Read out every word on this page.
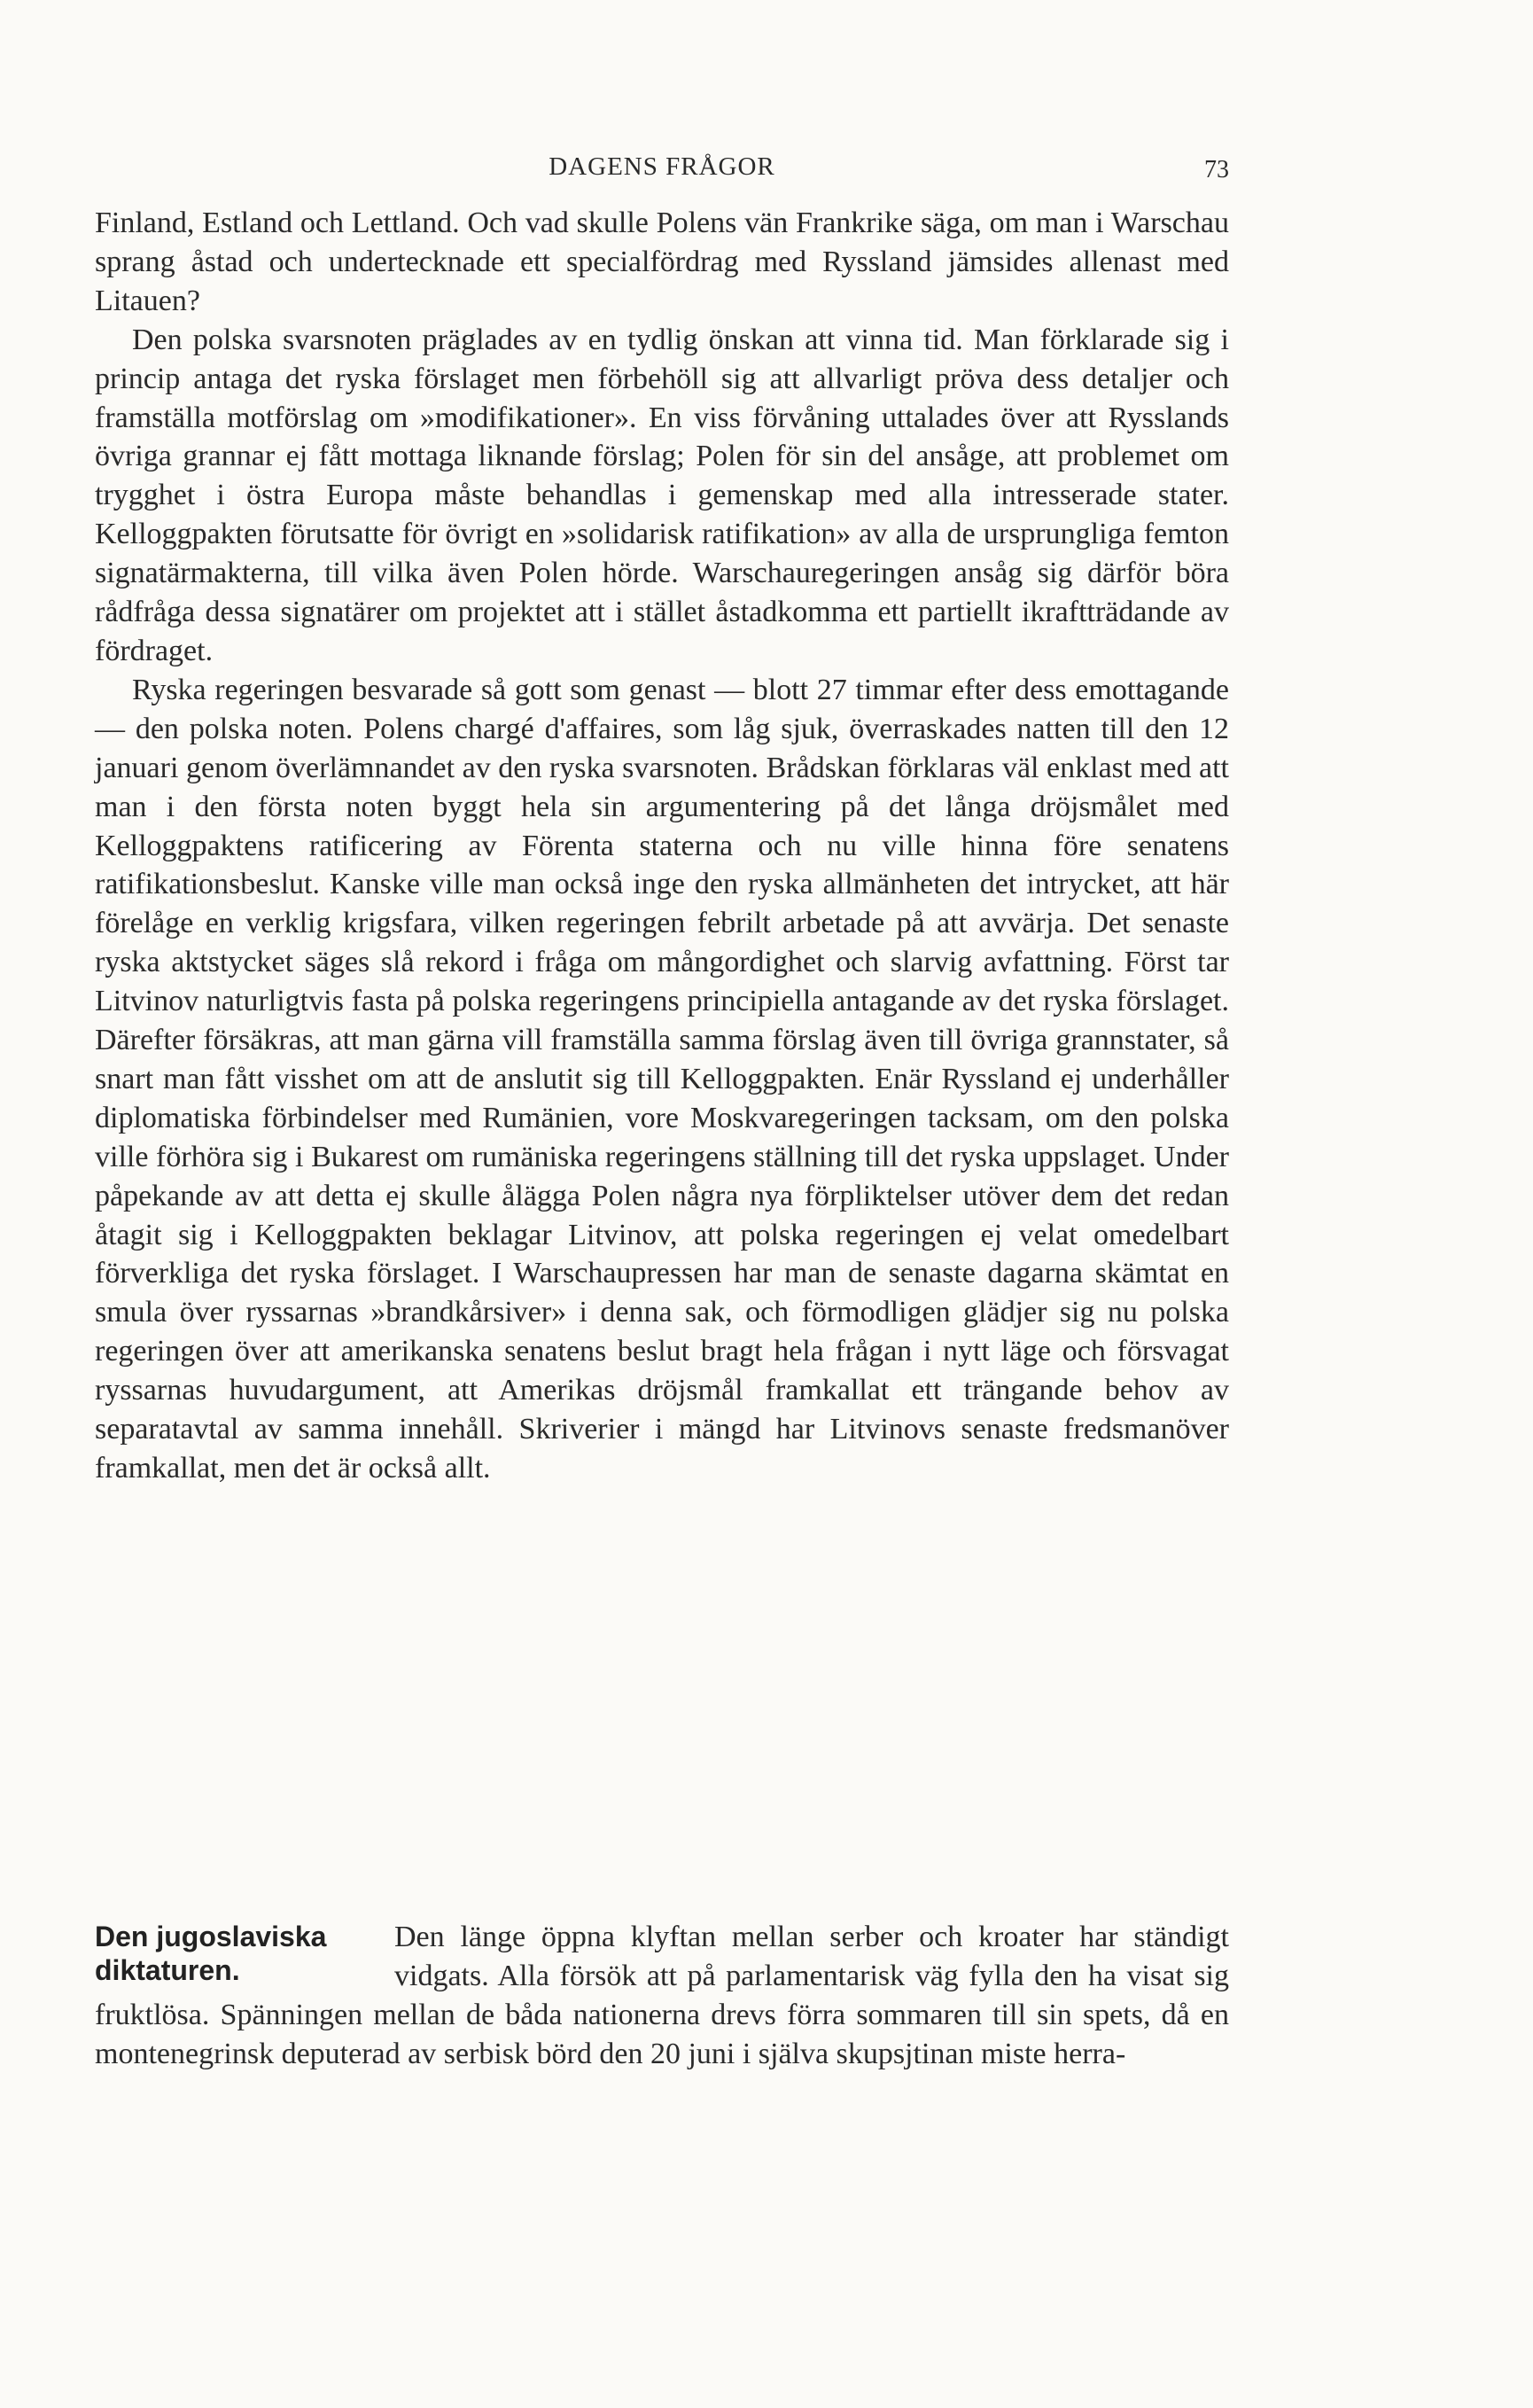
DAGENS FRÅGOR	73

Finland, Estland och Lettland. Och vad skulle Polens vän Frankrike säga, om man i Warschau sprang åstad och undertecknade ett specialfördrag med Ryssland jämsides allenast med Litauen?

Den polska svarsnoten präglades av en tydlig önskan att vinna tid. Man förklarade sig i princip antaga det ryska förslaget men förbehöll sig att allvarligt pröva dess detaljer och framställa motförslag om »modifikationer». En viss förvåning uttalades över att Rysslands övriga grannar ej fått mottaga liknande förslag; Polen för sin del ansåge, att problemet om trygghet i östra Europa måste behandlas i gemenskap med alla intresserade stater. Kelloggpakten förutsatte för övrigt en »solidarisk ratifikation» av alla de ursprungliga femton signatärmakterna, till vilka även Polen hörde. Warschauregeringen ansåg sig därför böra rådfråga dessa signatärer om projektet att i stället åstadkomma ett partiellt ikraftträdande av fördraget.

Ryska regeringen besvarade så gott som genast — blott 27 timmar efter dess emottagande — den polska noten. Polens chargé d'affaires, som låg sjuk, överraskades natten till den 12 januari genom överlämnandet av den ryska svarsnoten. Brådskan förklaras väl enklast med att man i den första noten byggt hela sin argumentering på det långa dröjsmålet med Kelloggpaktens ratificering av Förenta staterna och nu ville hinna före senatens ratifikationsbeslut. Kanske ville man också inge den ryska allmänheten det intrycket, att här förelåge en verklig krigsfara, vilken regeringen febrilt arbetade på att avvärja. Det senaste ryska aktstycket säges slå rekord i fråga om mångordighet och slarvig avfattning. Först tar Litvinov naturligtvis fasta på polska regeringens principiella antagande av det ryska förslaget. Därefter försäkras, att man gärna vill framställa samma förslag även till övriga grannstater, så snart man fått visshet om att de anslutit sig till Kelloggpakten. Enär Ryssland ej underhåller diplomatiska förbindelser med Rumänien, vore Moskvaregeringen tacksam, om den polska ville förhöra sig i Bukarest om rumäniska regeringens ställning till det ryska uppslaget. Under påpekande av att detta ej skulle ålägga Polen några nya förpliktelser utöver dem det redan åtagit sig i Kelloggpakten beklagar Litvinov, att polska regeringen ej velat omedelbart förverkliga det ryska förslaget. I Warschaupressen har man de senaste dagarna skämtat en smula över ryssarnas »brandkårsiver» i denna sak, och förmodligen glädjer sig nu polska regeringen över att amerikanska senatens beslut bragt hela frågan i nytt läge och försvagat ryssarnas huvudargument, att Amerikas dröjsmål framkallat ett trängande behov av separatavtal av samma innehåll. Skriverier i mängd har Litvinovs senaste fredsmanöver framkallat, men det är också allt.

Den jugoslaviska
diktaturen.

Den länge öppna klyftan mellan serber och kroater har ständigt vidgats. Alla försök att på parlamentarisk väg fylla den ha visat sig fruktlösa. Spänningen mellan de båda nationerna drevs förra sommaren till sin spets, då en montenegrinsk deputerad av serbisk börd den 20 juni i själva skupsjtinan miste herra-
